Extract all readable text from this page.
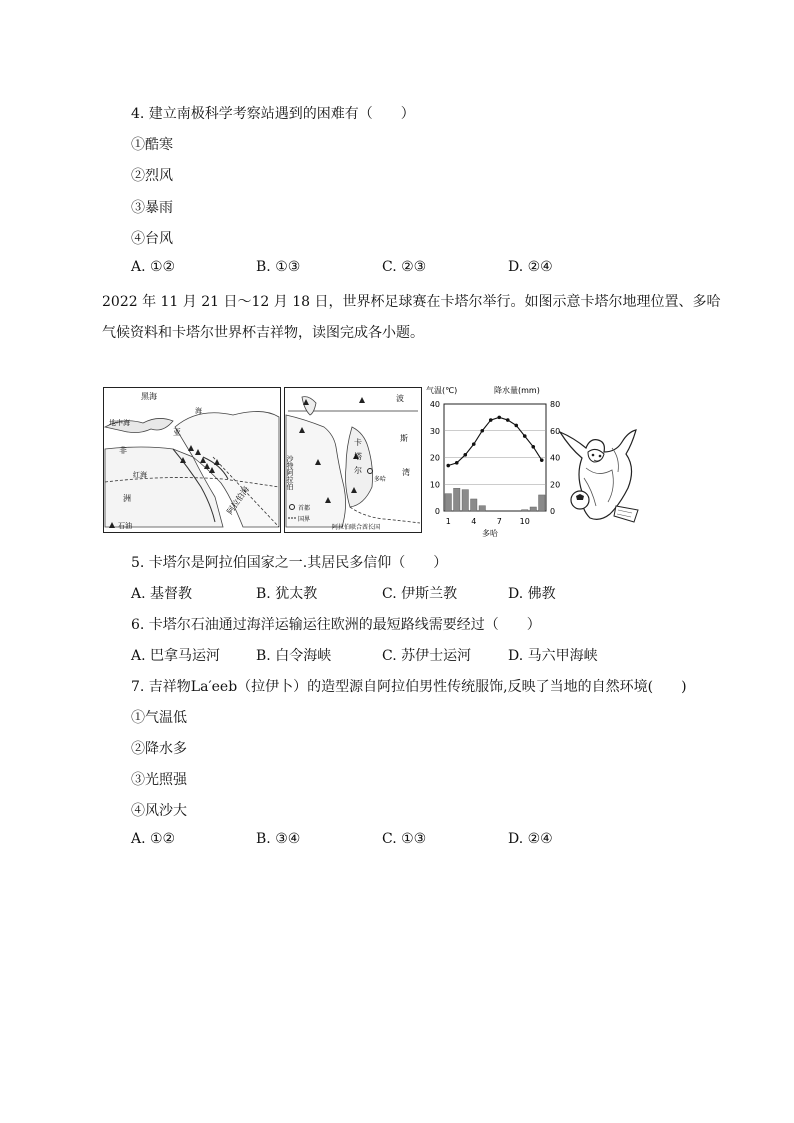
4. 建立南极科学考察站遇到的困难有（　　）
①酷寒
②烈风
③暴雨
④台风
A. ①②	B. ①③	C. ②③	D. ②④
2022 年 11 月 21 日～12 月 18 日，世界杯足球赛在卡塔尔举行。如图示意卡塔尔地理位置、多哈
气候资料和卡塔尔世界杯吉祥物，读图完成各小题。
黑海
地中海
海
非
亚
红海
洲	阿拉伯海
石油
波
斯
卡
塔
尔	湾
沙特阿拉伯	多哈
首都
国界
阿拉伯联合酋长国
气温(℃)	降水量(mm)
40
30
20
10
0
80
60
40
20
0
1	4	7 10
多哈
5. 卡塔尔是阿拉伯国家之一.其居民多信仰（　　）
A. 基督教	B. 犹太教	C. 伊斯兰教	D. 佛教
6. 卡塔尔石油通过海洋运输运往欧洲的最短路线需要经过（　　）
A. 巴拿马运河	B. 白令海峡	C. 苏伊士运河	D. 马六甲海峡
7. 吉祥物La′eeb（拉伊卜）的造型源自阿拉伯男性传统服饰,反映了当地的自然环境(　　)
①气温低
②降水多
③光照强
④风沙大
A. ①②	B. ③④	C. ①③	D. ②④
